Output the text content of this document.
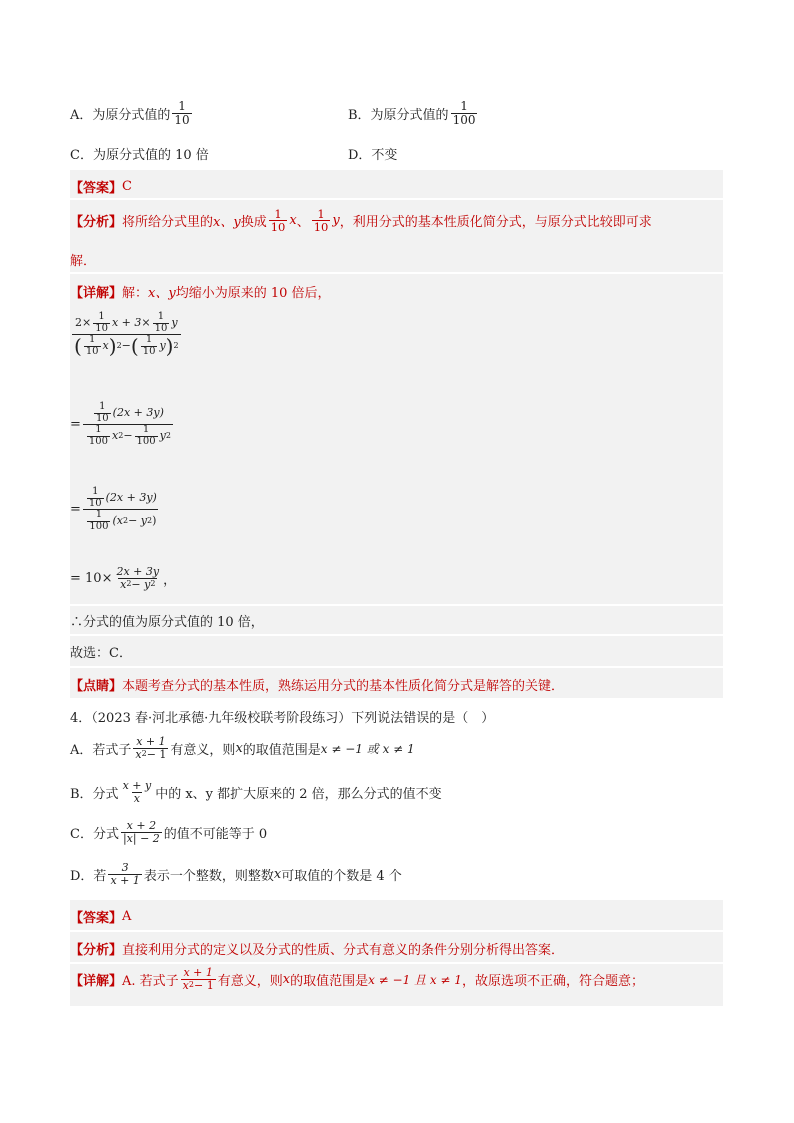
A．为原分式值的 $\frac{1}{10}$	B．为原分式值的 $\frac{1}{100}$
C．为原分式值的 10 倍	D．不变
【答案】 C
【分析】 将所给分式里的 x、y 换成 $\frac{1}{10}$ x 、 $\frac{1}{10}$ y ，利用分式的基本性质化简分式，与原分式比较即可求
解．
【详解】 解： x、y 均缩小为原来的 10 倍后，
$2\times \frac{1}{10}$ $x + 3\times \frac{1}{10}$ y
( $\frac{1}{10}$ x ) 2 − ( $\frac{1}{10}$ y ) 2
= $\frac{\frac{1}{10} (2x + 3y)}{\frac{1}{100} x 2 - \frac{1}{100} y 2}$
= $\frac{\frac{1}{10} (2x + 3y)}{\frac{1}{100} (x 2 - y 2 )}$
= $10\times \frac{2x + 3y}{x 2 - y 2}$ ，
∴分式的值为原分式值的 10 倍，
故选：C．
【点睛】 本题考查分式的基本性质，熟练运用分式的基本性质化简分式是解答的关键．
4．（2023 春·河北承德·九年级校联考阶段练习）下列说法错误的是（　）
A．若式子 $\frac{x + 1}{x 2 - 1}$ 有意义，则 x 的取值范围是 x ≠ −1 或 x ≠ 1
B．分式 $\frac{x + y}{x}$ 中的 x、y 都扩大原来的 2 倍，那么分式的值不变
C．分式 $\frac{x + 2}{|x| - 2}$ 的值不可能等于 0
D．若 $\frac{3}{x + 1}$ 表示一个整数，则整数 x 可取值的个数是 4 个
【答案】 A
【分析】 直接利用分式的定义以及分式的性质、分式有意义的条件分别分析得出答案．
【详解】 A. 若式子 $\frac{x + 1}{x 2 - 1}$ 有意义，则 x 的取值范围是 x ≠ −1 且 x ≠ 1 ，故原选项不正确，符合题意；
